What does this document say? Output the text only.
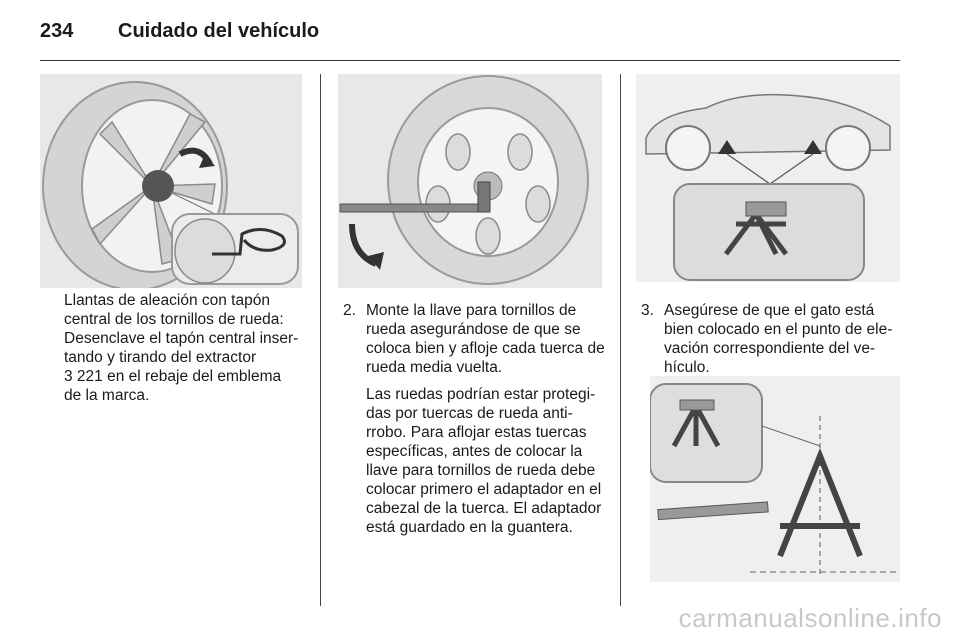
234 Cuidado del vehículo
Llantas de aleación con tapón
central de los tornillos de rueda:
Desenclave el tapón central inser-
tando y tirando del extractor
3 221 en el rebaje del emblema
de la marca.
2. Monte la llave para tornillos de rueda asegurándose de que se coloca bien y afloje cada tuerca de rueda media vuelta.

Las ruedas podrían estar protegi-das por tuercas de rueda anti-rrobo. Para aflojar estas tuercas específicas, antes de colocar la llave para tornillos de rueda debe colocar primero el adaptador en el cabezal de la tuerca. El adaptador está guardado en la guantera.

3. Asegúrese de que el gato está bien colocado en el punto de ele-vación correspondiente del ve-hículo.

carmanualsonline.info
